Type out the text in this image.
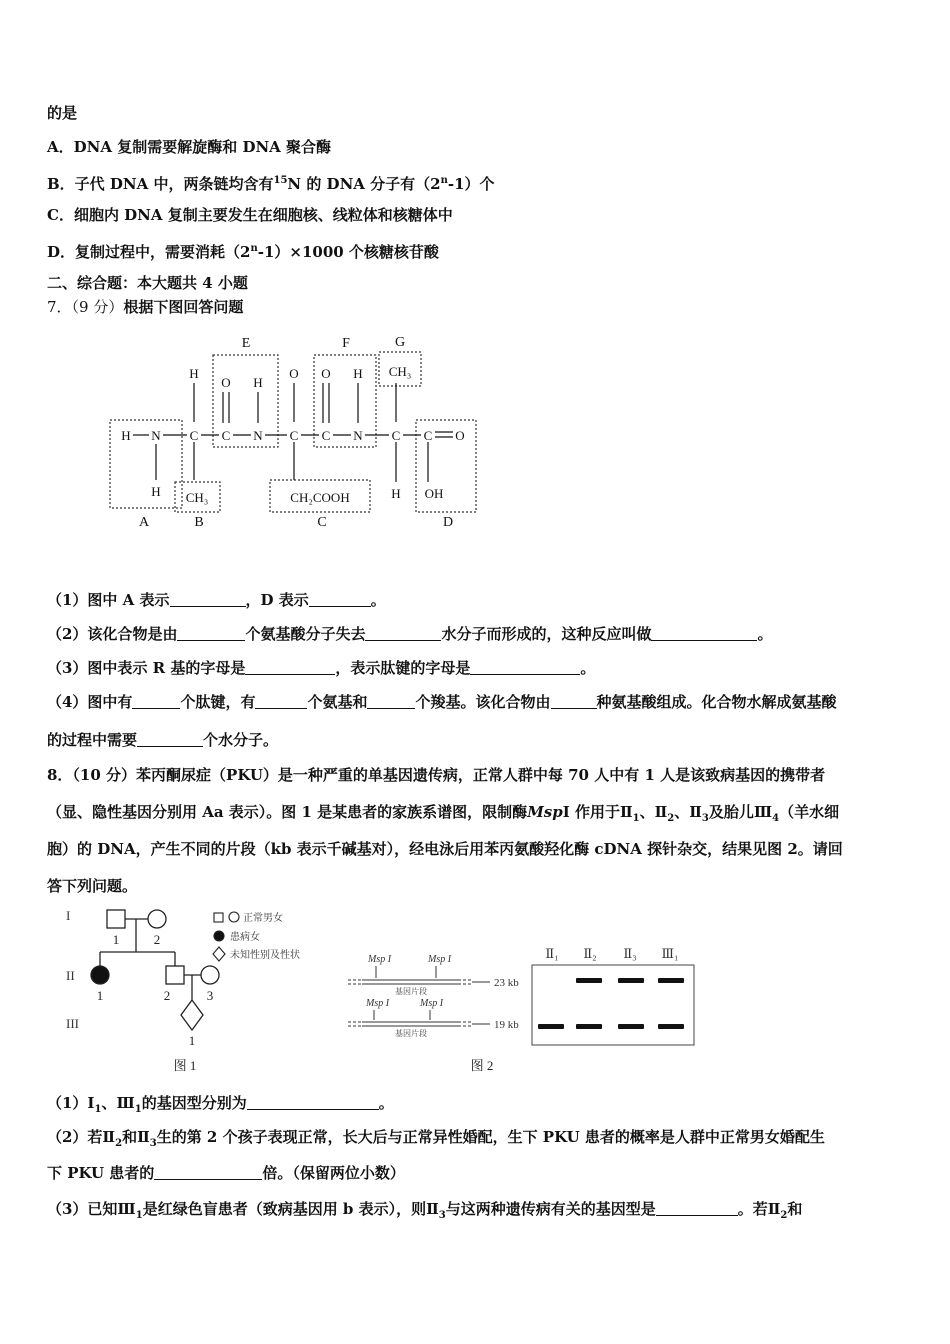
的是
A．DNA 复制需要解旋酶和 DNA 聚合酶
B．子代 DNA 中，两条链均含有$^{15}$N 的 DNA 分子有（2$^n$-1）个
C．细胞内 DNA 复制主要发生在细胞核、线粒体和核糖体中
D．复制过程中，需要消耗$(2^n-1)\times 1000$ 个核糖核苷酸
二、综合题：本大题共 4 小题
7．（9 分）根据下图回答问题
E	F	G
A	B	C	D
H N C C N C C N C C O
H
O H
O O H CH₃
H CH₃	CH₂COOH	H OH
（1）图中 A 表示	，D 表示	。
（2）该化合物是由	个氨基酸分子失去	水分子而形成的，这种反应叫做	。
（3）图中表示 R 基的字母是	，表示肽键的字母是	。
（4）图中有	个肽键，有	个氨基和	个羧基。该化合物由	种氨基酸组成。化合物水解成氨基酸
的过程中需要	个水分子。
8．（10 分）苯丙酮尿症（PKU）是一种严重的单基因遗传病，正常人群中每 70 人中有 1 人是该致病基因的携带者
（显、隐性基因分别用 Aa 表示）。图 1 是某患者的家族系谱图，限制酶MspI 作用于$Ⅱ_1$、$Ⅱ_2$、$Ⅱ_3$及胎儿$Ⅲ_4$（羊水细
胞）的 DNA，产生不同的片段（kb 表示千碱基对），经电泳后用苯丙氨酸羟化酶 cDNA 探针杂交，结果见图 2。请回
答下列问题。
I
II
III
1	2
1	2	3
1
图 1
正常男女
患病女
未知性别及性状	Msp I	Msp I
Msp I	Msp I
基因片段
基因片段
23 kb
19 kb
Ⅱ₁ Ⅱ₂ Ⅱ₃ Ⅲ₁
图 2
$(1)I_1$、$Ⅲ_1$的基因型分别为	。
（2）若$Ⅱ_2$和$Ⅱ_3$生的第 2 个孩子表现正常，长大后与正常异性婚配，生下 PKU 患者的概率是人群中正常男女婚配生
下 PKU 患者的	倍。（保留两位小数）
（3）已知$Ⅲ_1$是红绿色盲患者（致病基因用 b 表示），则$Ⅱ_3$与这两种遗传病有关的基因型是	。若$Ⅱ_2$和
